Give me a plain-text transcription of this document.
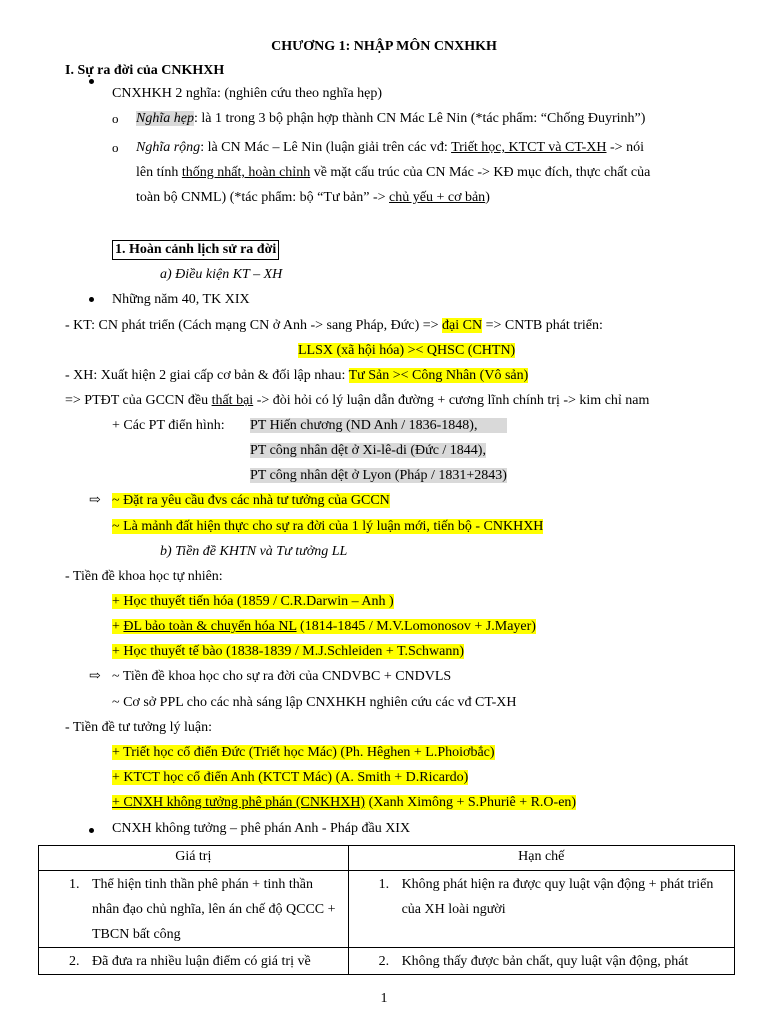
CHƯƠNG 1: NHẬP MÔN CNXHKH
I. Sự ra đời của CNKHXH
CNXHKH 2 nghĩa: (nghiên cứu theo nghĩa hẹp)
o Nghĩa hẹp: là 1 trong 3 bộ phận hợp thành CN Mác Lê Nin (*tác phẩm: “Chống Đuyrinh”)
o Nghĩa rộng: là CN Mác – Lê Nin (luận giải trên các vđ: Triết học, KTCT và CT-XH -> nói
lên tính thống nhất, hoàn chỉnh về mặt cấu trúc của CN Mác -> KĐ mục đích, thực chất của
toàn bộ CNML) (*tác phẩm: bộ “Tư bản” -> chủ yếu + cơ bản)
1. Hoàn cảnh lịch sử ra đời
a) Điều kiện KT – XH
Những năm 40, TK XIX
- KT: CN phát triển (Cách mạng CN ở Anh -> sang Pháp, Đức) => đại CN => CNTB phát triển:
LLSX (xã hội hóa) >< QHSC (CHTN)
- XH: Xuất hiện 2 giai cấp cơ bản & đối lập nhau: Tư Sản >< Công Nhân (Vô sản)
=> PTĐT của GCCN đều thất bại -> đòi hỏi có lý luận dẫn đường + cương lĩnh chính trị -> kim chỉ nam
+ Các PT điển hình: PT Hiến chương (ND Anh / 1836-1848),
PT công nhân dệt ở Xi-lê-di (Đức / 1844),
PT công nhân dệt ở Lyon (Pháp / 1831+2843)
⇨ ~ Đặt ra yêu cầu đvs các nhà tư tưởng của GCCN
~ Là mảnh đất hiện thực cho sự ra đời của 1 lý luận mới, tiến bộ - CNKHXH
b) Tiền đề KHTN và Tư tưởng LL
- Tiền đề khoa học tự nhiên:
+ Học thuyết tiến hóa (1859 / C.R.Darwin – Anh )
+ ĐL bảo toàn & chuyển hóa NL (1814-1845 / M.V.Lomonosov + J.Mayer)
+ Học thuyết tế bào (1838-1839 / M.J.Schleiden + T.Schwann)
⇨ ~ Tiền đề khoa học cho sự ra đời của CNDVBC + CNDVLS
~ Cơ sở PPL cho các nhà sáng lập CNXHKH nghiên cứu các vđ CT-XH
- Tiền đề tư tưởng lý luận:
+ Triết học cổ điển Đức (Triết học Mác) (Ph. Hêghen + L.Phoiơbắc)
+ KTCT học cổ điển Anh (KTCT Mác) (A. Smith + D.Ricardo)
+ CNXH không tưởng phê phán (CNKHXH) (Xanh Ximông + S.Phuriê + R.O-en)
CNXH không tưởng – phê phán Anh - Pháp đầu XIX
Giá trị	Hạn chế

1. Thể hiện tinh thần phê phán + tinh thần nhân đạo chủ nghĩa, lên án chế độ QCCC + TBCN bất công	1. Không phát hiện ra được quy luật vận động + phát triển của XH loài người

2. Đã đưa ra nhiều luận điểm có giá trị về	2. Không thấy được bản chất, quy luật vận động, phát
1
